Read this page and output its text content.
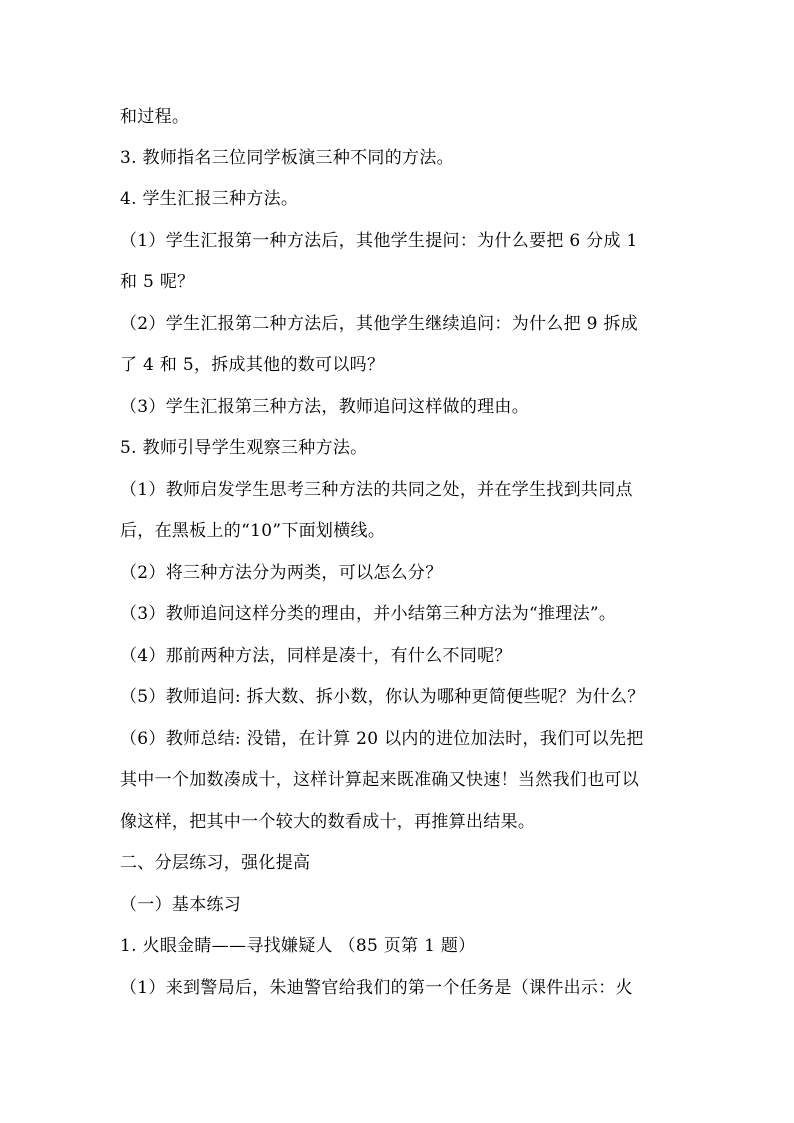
和过程。
3. 教师指名三位同学板演三种不同的方法。
4. 学生汇报三种方法。
（1）学生汇报第一种方法后，其他学生提问：为什么要把 6 分成 1
和 5 呢？
（2）学生汇报第二种方法后，其他学生继续追问：为什么把 9 拆成
了 4 和 5，拆成其他的数可以吗？
（3）学生汇报第三种方法，教师追问这样做的理由。
5. 教师引导学生观察三种方法。
（1）教师启发学生思考三种方法的共同之处，并在学生找到共同点
后，在黑板上的“10”下面划横线。
（2）将三种方法分为两类，可以怎么分？
（3）教师追问这样分类的理由，并小结第三种方法为“推理法”。
（4）那前两种方法，同样是凑十，有什么不同呢？
（5）教师追问: 拆大数、拆小数，你认为哪种更简便些呢？为什么？
（6）教师总结: 没错，在计算 20 以内的进位加法时，我们可以先把
其中一个加数凑成十，这样计算起来既准确又快速！当然我们也可以
像这样，把其中一个较大的数看成十，再推算出结果。
二、分层练习，强化提高
（一）基本练习
1. 火眼金睛——寻找嫌疑人 （85 页第 1 题）
（1）来到警局后，朱迪警官给我们的第一个任务是（课件出示：火
